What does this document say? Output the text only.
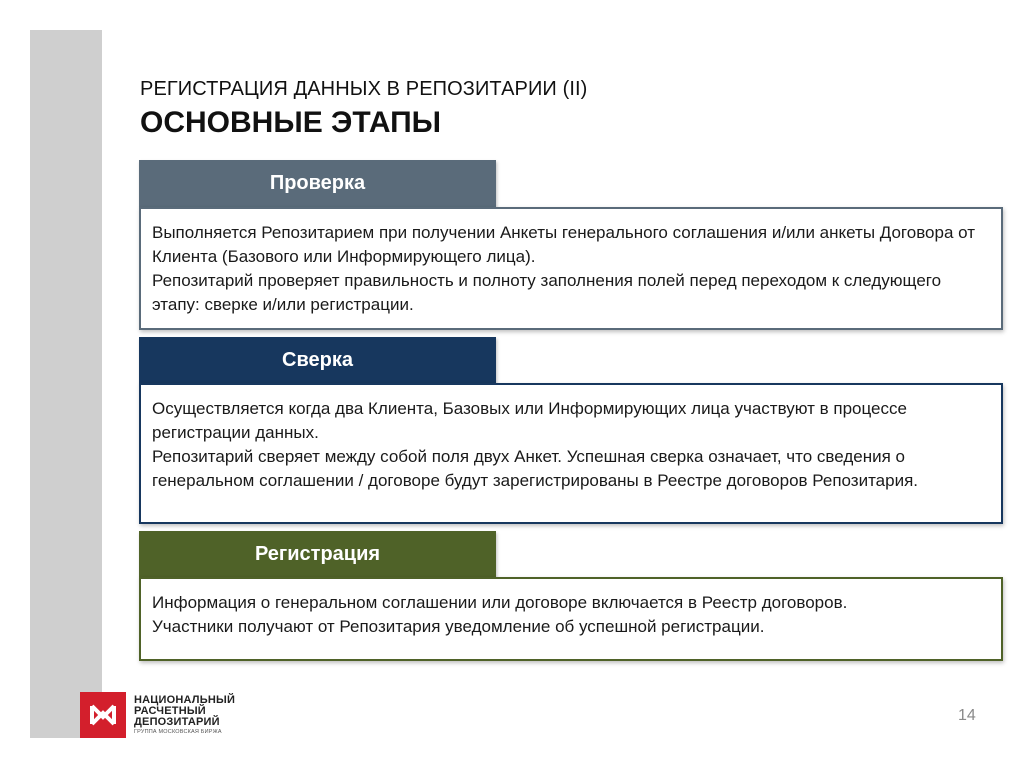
РЕГИСТРАЦИЯ ДАННЫХ В РЕПОЗИТАРИИ (II)
ОСНОВНЫЕ ЭТАПЫ
Проверка

Выполняется Репозитарием при получении Анкеты генерального соглашения и/или анкеты Договора от Клиента (Базового или Информирующего лица).

Репозитарий проверяет правильность и полноту заполнения полей перед переходом к следующего этапу: сверке и/или регистрации.

Сверка

Осуществляется когда два Клиента, Базовых или Информирующих лица участвуют в процессе регистрации данных.

Репозитарий сверяет между собой поля двух Анкет. Успешная сверка означает, что сведения о генеральном соглашении / договоре будут зарегистрированы в Реестре договоров Репозитария.

Регистрация

Информация о генеральном соглашении или договоре включается в Реестр договоров.

Участники получают от Репозитария уведомление об успешной регистрации.

НАЦИОНАЛЬНЫЙ
РАСЧЕТНЫЙ
ДЕПОЗИТАРИЙ
ГРУППА МОСКОВСКАЯ БИРЖА
14
